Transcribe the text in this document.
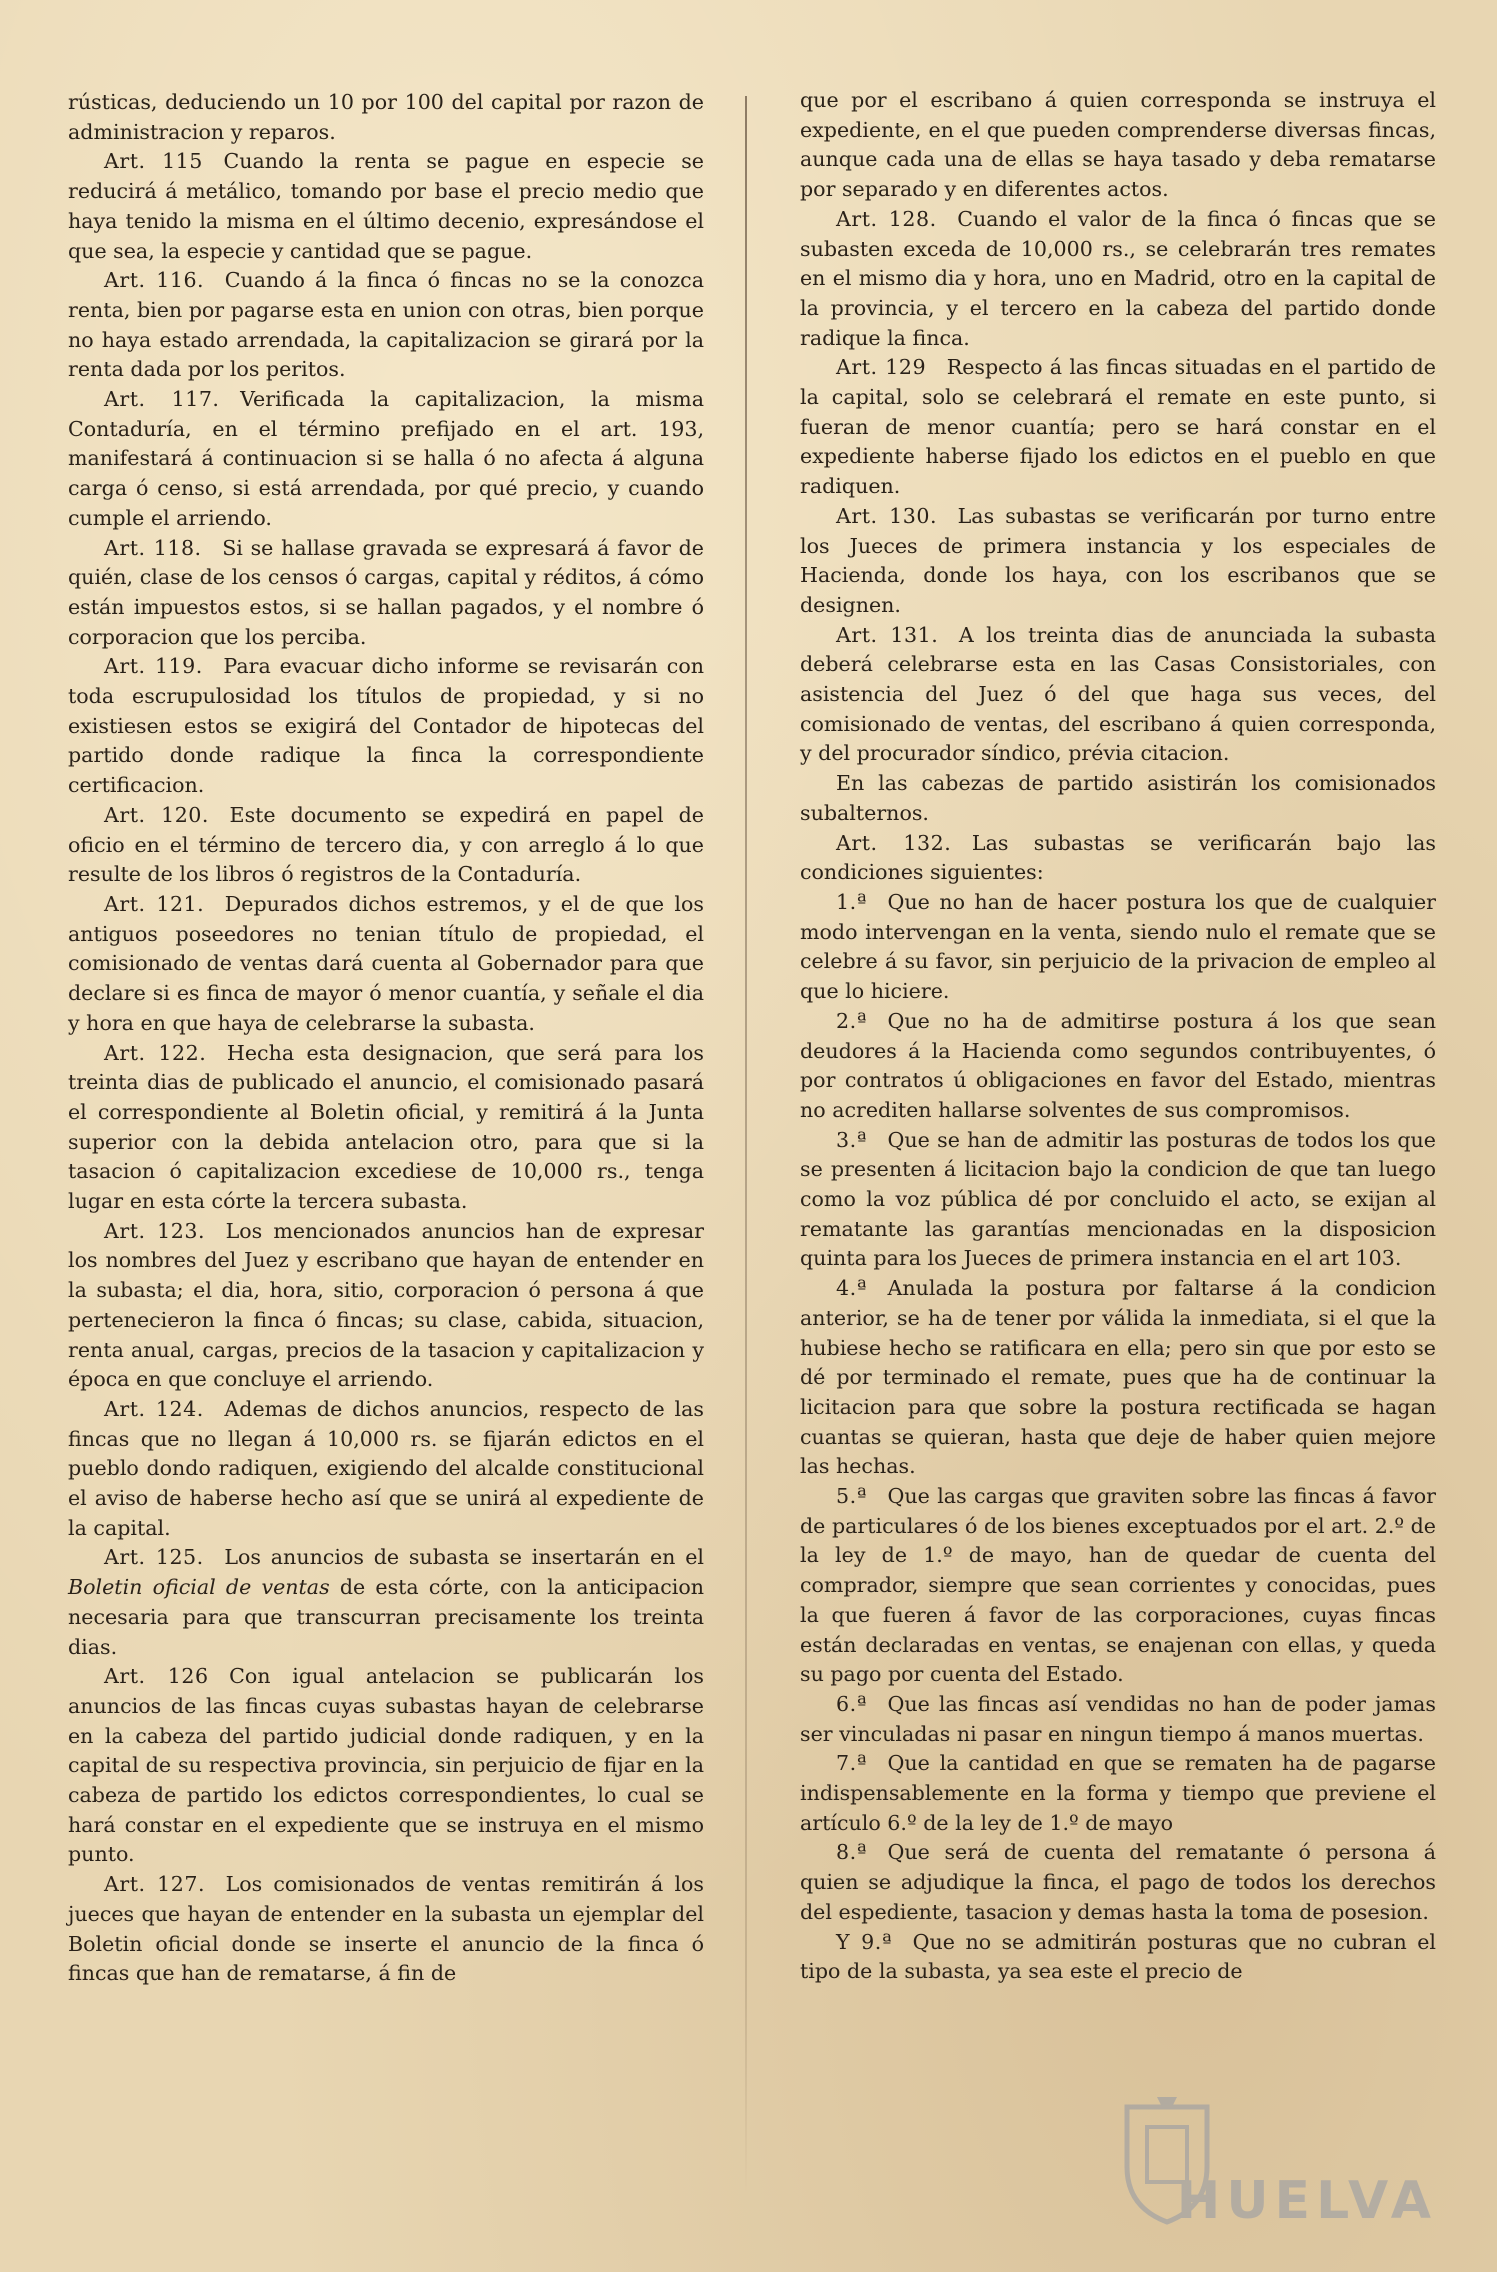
rústicas, deduciendo un 10 por 100 del capital por razon de administracion y reparos.

Art. 115  Cuando la renta se pague en especie se reducirá á metálico, tomando por base el precio medio que haya tenido la misma en el último decenio, expresándose el que sea, la especie y cantidad que se pague.

Art. 116.  Cuando á la finca ó fincas no se la conozca renta, bien por pagarse esta en union con otras, bien porque no haya estado arrendada, la capitalizacion se girará por la renta dada por los peritos.

Art. 117.  Verificada la capitalizacion, la misma Contaduría, en el término prefijado en el art. 193, manifestará á continuacion si se halla ó no afecta á alguna carga ó censo, si está arrendada, por qué precio, y cuando cumple el arriendo.

Art. 118.  Si se hallase gravada se expresará á favor de quién, clase de los censos ó cargas, capital y réditos, á cómo están impuestos estos, si se hallan pagados, y el nombre ó corporacion que los perciba.

Art. 119.  Para evacuar dicho informe se revisarán con toda escrupulosidad los títulos de propiedad, y si no existiesen estos se exigirá del Contador de hipotecas del partido donde radique la finca la correspondiente certificacion.

Art. 120.  Este documento se expedirá en papel de oficio en el término de tercero dia, y con arreglo á lo que resulte de los libros ó registros de la Contaduría.

Art. 121.  Depurados dichos estremos, y el de que los antiguos poseedores no tenian título de propiedad, el comisionado de ventas dará cuenta al Gobernador para que declare si es finca de mayor ó menor cuantía, y señale el dia y hora en que haya de celebrarse la subasta.

Art. 122.  Hecha esta designacion, que será para los treinta dias de publicado el anuncio, el comisionado pasará el correspondiente al Boletin oficial, y remitirá á la Junta superior con la debida antelacion otro, para que si la tasacion ó capitalizacion excediese de 10,000 rs., tenga lugar en esta córte la tercera subasta.

Art. 123.  Los mencionados anuncios han de expresar los nombres del Juez y escribano que hayan de entender en la subasta; el dia, hora, sitio, corporacion ó persona á que pertenecieron la finca ó fincas; su clase, cabida, situacion, renta anual, cargas, precios de la tasacion y capitalizacion y época en que concluye el arriendo.

Art. 124.  Ademas de dichos anuncios, respecto de las fincas que no llegan á 10,000 rs. se fijarán edictos en el pueblo dondo radiquen, exigiendo del alcalde constitucional el aviso de haberse hecho así que se unirá al expediente de la capital.

Art. 125.  Los anuncios de subasta se insertarán en el Boletin oficial de ventas de esta córte, con la anticipacion necesaria para que transcurran precisamente los treinta dias.

Art. 126  Con igual antelacion se publicarán los anuncios de las fincas cuyas subastas hayan de celebrarse en la cabeza del partido judicial donde radiquen, y en la capital de su respectiva provincia, sin perjuicio de fijar en la cabeza de partido los edictos correspondientes, lo cual se hará constar en el expediente que se instruya en el mismo punto.

Art. 127.  Los comisionados de ventas remitirán á los jueces que hayan de entender en la subasta un ejemplar del Boletin oficial donde se inserte el anuncio de la finca ó fincas que han de rematarse, á fin de

que por el escribano á quien corresponda se instruya el expediente, en el que pueden comprenderse diversas fincas, aunque cada una de ellas se haya tasado y deba rematarse por separado y en diferentes actos.

Art. 128.  Cuando el valor de la finca ó fincas que se subasten exceda de 10,000 rs., se celebrarán tres remates en el mismo dia y hora, uno en Madrid, otro en la capital de la provincia, y el tercero en la cabeza del partido donde radique la finca.

Art. 129  Respecto á las fincas situadas en el partido de la capital, solo se celebrará el remate en este punto, si fueran de menor cuantía; pero se hará constar en el expediente haberse fijado los edictos en el pueblo en que radiquen.

Art. 130.  Las subastas se verificarán por turno entre los Jueces de primera instancia y los especiales de Hacienda, donde los haya, con los escribanos que se designen.

Art. 131.  A los treinta dias de anunciada la subasta deberá celebrarse esta en las Casas Consistoriales, con asistencia del Juez ó del que haga sus veces, del comisionado de ventas, del escribano á quien corresponda, y del procurador síndico, prévia citacion.

En las cabezas de partido asistirán los comisionados subalternos.

Art. 132.  Las subastas se verificarán bajo las condiciones siguientes:

1.ª  Que no han de hacer postura los que de cualquier modo intervengan en la venta, siendo nulo el remate que se celebre á su favor, sin perjuicio de la privacion de empleo al que lo hiciere.

2.ª  Que no ha de admitirse postura á los que sean deudores á la Hacienda como segundos contribuyentes, ó por contratos ú obligaciones en favor del Estado, mientras no acrediten hallarse solventes de sus compromisos.

3.ª  Que se han de admitir las posturas de todos los que se presenten á licitacion bajo la condicion de que tan luego como la voz pública dé por concluido el acto, se exijan al rematante las garantías mencionadas en la disposicion quinta para los Jueces de primera instancia en el art 103.

4.ª  Anulada la postura por faltarse á la condicion anterior, se ha de tener por válida la inmediata, si el que la hubiese hecho se ratificara en ella; pero sin que por esto se dé por terminado el remate, pues que ha de continuar la licitacion para que sobre la postura rectificada se hagan cuantas se quieran, hasta que deje de haber quien mejore las hechas.

5.ª  Que las cargas que graviten sobre las fincas á favor de particulares ó de los bienes exceptuados por el art. 2.º de la ley de 1.º de mayo, han de quedar de cuenta del comprador, siempre que sean corrientes y conocidas, pues la que fueren á favor de las corporaciones, cuyas fincas están declaradas en ventas, se enajenan con ellas, y queda su pago por cuenta del Estado.

6.ª  Que las fincas así vendidas no han de poder jamas ser vinculadas ni pasar en ningun tiempo á manos muertas.

7.ª  Que la cantidad en que se rematen ha de pagarse indispensablemente en la forma y tiempo que previene el artículo 6.º de la ley de 1.º de mayo

8.ª  Que será de cuenta del rematante ó persona á quien se adjudique la finca, el pago de todos los derechos del espediente, tasacion y demas hasta la toma de posesion.

Y 9.ª  Que no se admitirán posturas que no cubran el tipo de la subasta, ya sea este el precio de

HUELVA
